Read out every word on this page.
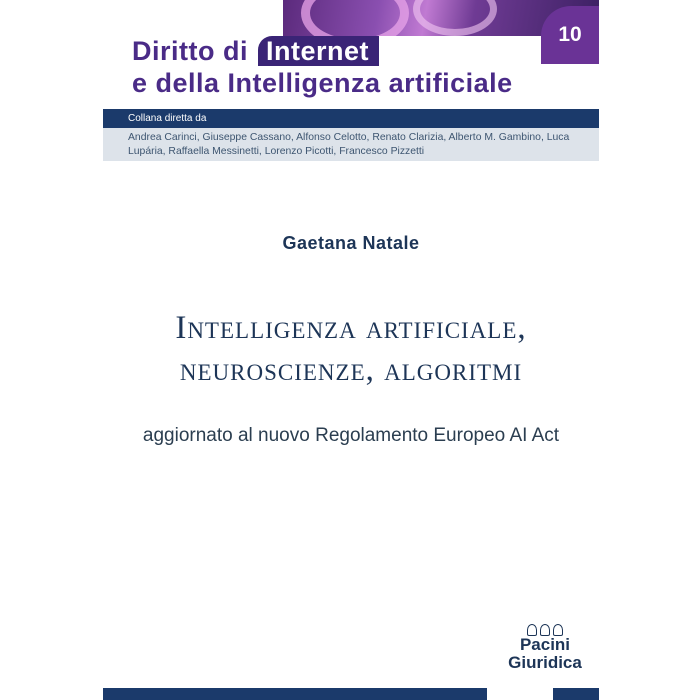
10
Diritto di Internet
e della Intelligenza artificiale
Collana diretta da
Andrea Carinci, Giuseppe Cassano, Alfonso Celotto, Renato Clarizia, Alberto M. Gambino, Luca Lupária, Raffaella Messinetti, Lorenzo Picotti, Francesco Pizzetti
Gaetana Natale
Intelligenza artificiale,
neuroscienze, algoritmi
aggiornato al nuovo Regolamento Europeo AI Act
Pacini
Giuridica
